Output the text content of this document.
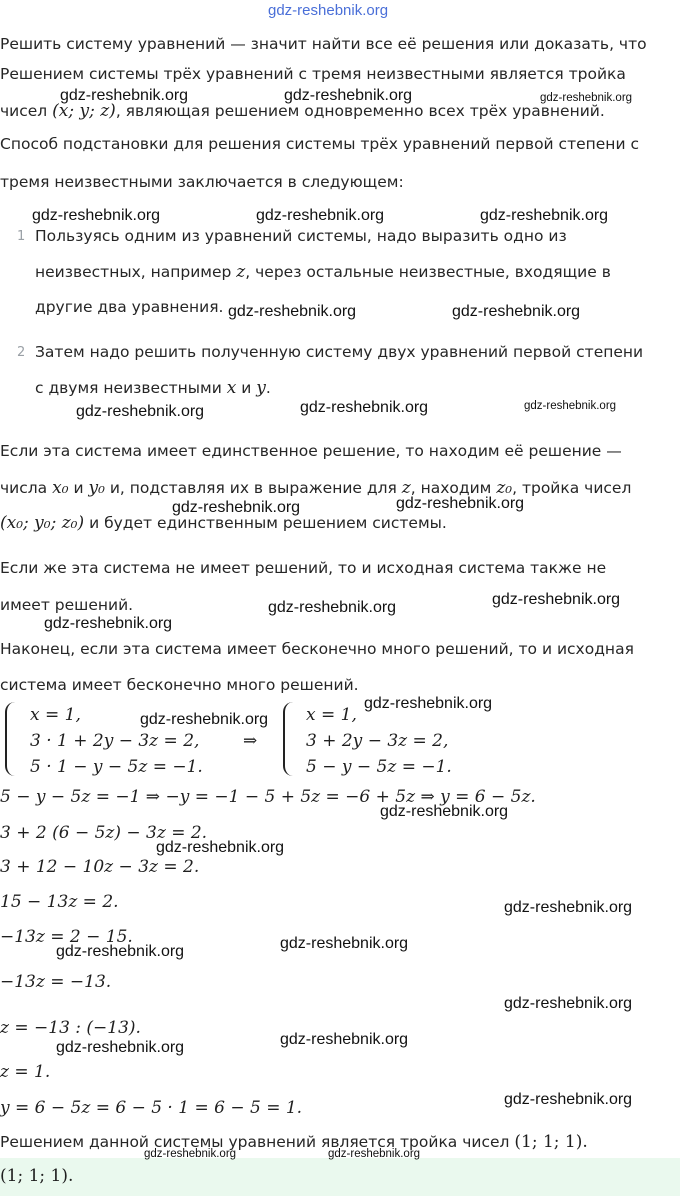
gdz-reshebnik.org
Решить систему уравнений — значит найти все её решения или доказать, что
Решением системы трёх уравнений с тремя неизвестными является тройка
чисел (x; y; z), являющая решением одновременно всех трёх уравнений.
Способ подстановки для решения системы трёх уравнений первой степени с
тремя неизвестными заключается в следующем:
1 Пользуясь одним из уравнений системы, надо выразить одно из
неизвестных, например z, через остальные неизвестные, входящие в
другие два уравнения.
2 Затем надо решить полученную систему двух уравнений первой степени
с двумя неизвестными x и y.
Если эта система имеет единственное решение, то находим её решение —
числа x₀ и y₀ и, подставляя их в выражение для z, находим z₀, тройка чисел
(x₀; y₀; z₀) и будет единственным решением системы.
Если же эта система не имеет решений, то и исходная система также не
имеет решений.
Наконец, если эта система имеет бесконечно много решений, то и исходная
система имеет бесконечно много решений.
x = 1,
3 · 1 + 2y − 3z = 2,
5 · 1 − y − 5z = −1.
⇒
x = 1,
3 + 2y − 3z = 2,
5 − y − 5z = −1.
5 − y − 5z = −1 ⇒ −y = −1 − 5 + 5z = −6 + 5z ⇒ y = 6 − 5z.
3 + 2 (6 − 5z) − 3z = 2.
3 + 12 − 10z − 3z = 2.
15 − 13z = 2.
−13z = 2 − 15.
−13z = −13.
z = −13 : (−13).
z = 1.
y = 6 − 5z = 6 − 5 · 1 = 6 − 5 = 1.
Решением данной системы уравнений является тройка чисел (1; 1; 1).
(1; 1; 1).
gdz-reshebnik.org	gdz-reshebnik.org	gdz-reshebnik.org
gdz-reshebnik.org	gdz-reshebnik.org	gdz-reshebnik.org
gdz-reshebnik.org	gdz-reshebnik.org
gdz-reshebnik.org	gdz-reshebnik.org	gdz-reshebnik.org
gdz-reshebnik.org	gdz-reshebnik.org
gdz-reshebnik.org	gdz-reshebnik.org
gdz-reshebnik.org
gdz-reshebnik.org
gdz-reshebnik.org
gdz-reshebnik.org
gdz-reshebnik.org
gdz-reshebnik.org
gdz-reshebnik.org	gdz-reshebnik.org
gdz-reshebnik.org
gdz-reshebnik.org	gdz-reshebnik.org
gdz-reshebnik.org
gdz-reshebnik.org	gdz-reshebnik.org
